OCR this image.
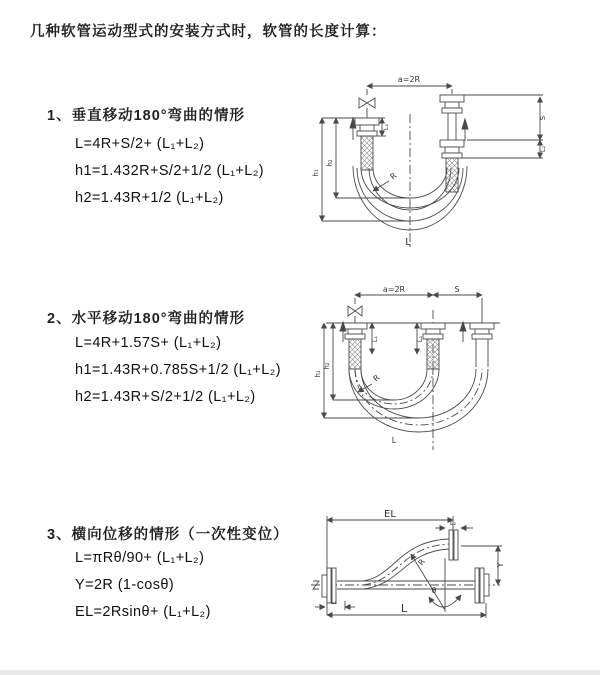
几种软管运动型式的安装方式时，软管的长度计算：
1、垂直移动180°弯曲的情形
L=4R+S/2+ (L₁+L₂)
h1=1.432R+S/2+1/2 (L₁+L₂)
h2=1.43R+1/2 (L₁+L₂)
2、水平移动180°弯曲的情形
L=4R+1.57S+ (L₁+L₂)
h1=1.43R+0.785S+1/2 (L₁+L₂)
h2=1.43R+S/2+1/2 (L₁+L₂)
3、横向位移的情形（一次性变位）
L=πRθ/90+ (L₁+L₂)
Y=2R (1-cosθ)
EL=2Rsinθ+ (L₁+L₂)
a=2R
h₁
h₂
L₁
S
L₂
R
L
a=2R	S
L₁	L₂
h₁
h₂
R
L
EL
L₂
Y
R
θ
L
L₁
